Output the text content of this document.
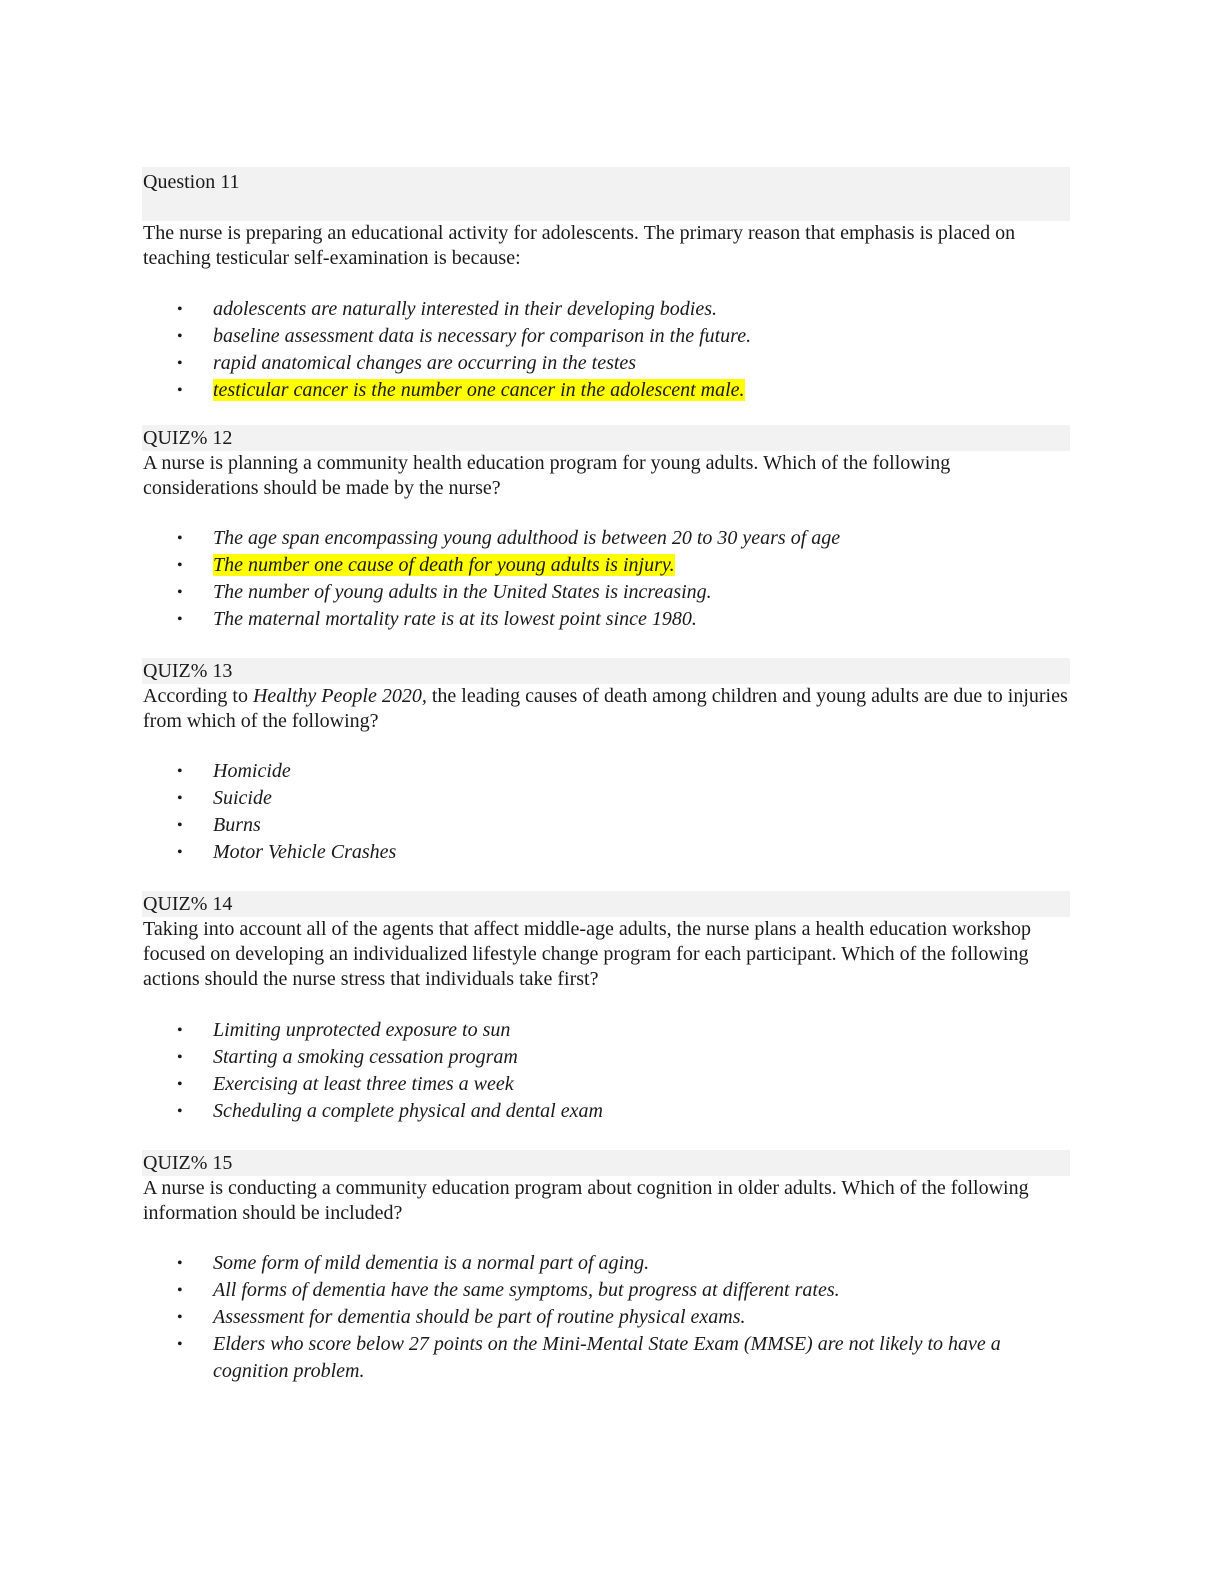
Question 11

The nurse is preparing an educational activity for adolescents. The primary reason that emphasis is placed on teaching testicular self-examination is because:

• adolescents are naturally interested in their developing bodies.
• baseline assessment data is necessary for comparison in the future.
• rapid anatomical changes are occurring in the testes
• testicular cancer is the number one cancer in the adolescent male.
QUIZ% 12

A nurse is planning a community health education program for young adults. Which of the following considerations should be made by the nurse?

• The age span encompassing young adulthood is between 20 to 30 years of age
• The number one cause of death for young adults is injury.
• The number of young adults in the United States is increasing.
• The maternal mortality rate is at its lowest point since 1980.
QUIZ% 13

According to Healthy People 2020, the leading causes of death among children and young adults are due to injuries from which of the following?

• Homicide
• Suicide
• Burns
• Motor Vehicle Crashes
QUIZ% 14

Taking into account all of the agents that affect middle-age adults, the nurse plans a health education workshop focused on developing an individualized lifestyle change program for each participant. Which of the following actions should the nurse stress that individuals take first?

• Limiting unprotected exposure to sun
• Starting a smoking cessation program
• Exercising at least three times a week
• Scheduling a complete physical and dental exam
QUIZ% 15

A nurse is conducting a community education program about cognition in older adults. Which of the following information should be included?

• Some form of mild dementia is a normal part of aging.
• All forms of dementia have the same symptoms, but progress at different rates.
• Assessment for dementia should be part of routine physical exams.
• Elders who score below 27 points on the Mini-Mental State Exam (MMSE) are not likely to have a cognition problem.
